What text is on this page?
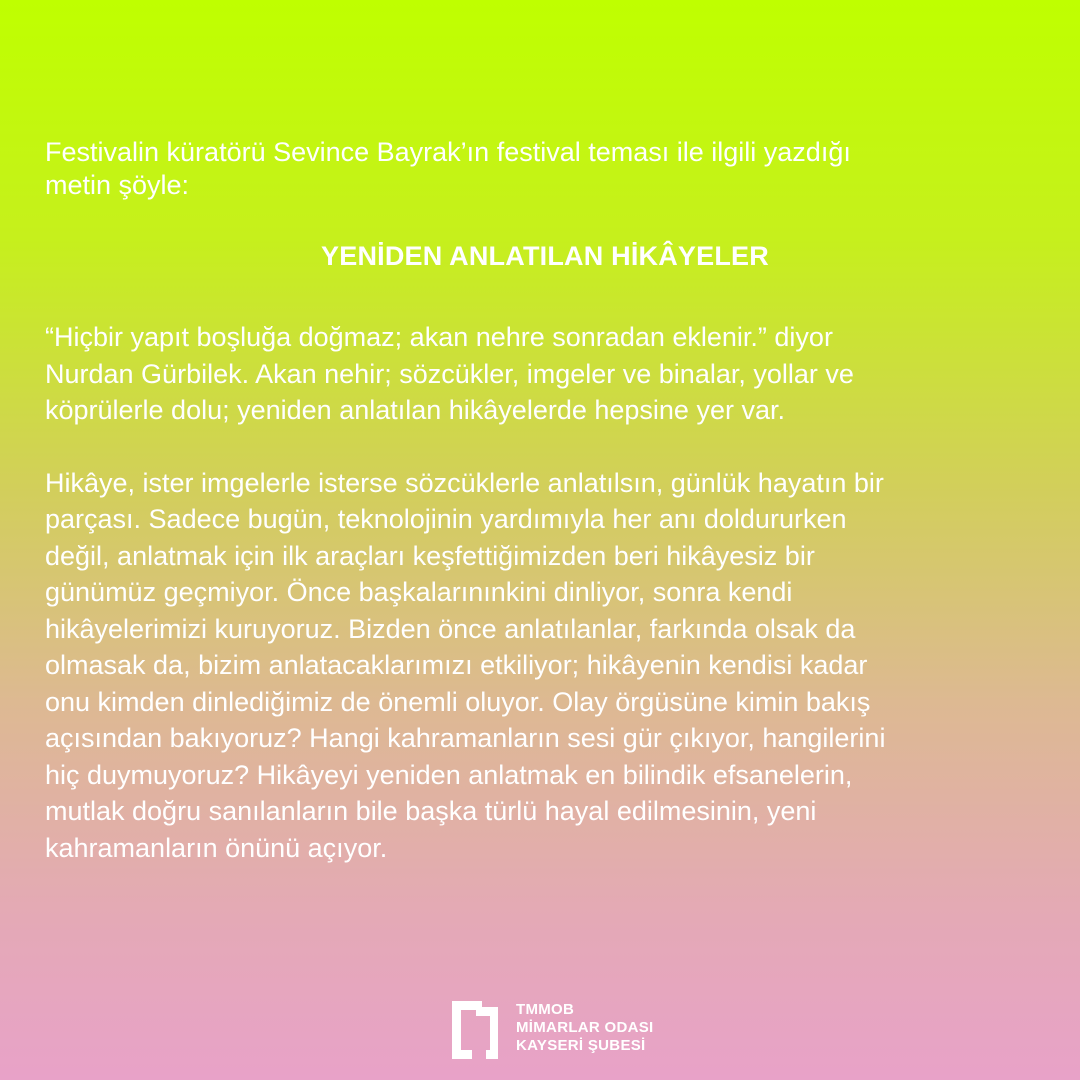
Festivalin küratörü Sevince Bayrak’ın festival teması ile ilgili yazdığı
metin şöyle:

YENİDEN ANLATILAN HİKÂYELER

“Hiçbir yapıt boşluğa doğmaz; akan nehre sonradan eklenir.” diyor
Nurdan Gürbilek. Akan nehir; sözcükler, imgeler ve binalar, yollar ve
köprülerle dolu; yeniden anlatılan hikâyelerde hepsine yer var.

Hikâye, ister imgelerle isterse sözcüklerle anlatılsın, günlük hayatın bir
parçası. Sadece bugün, teknolojinin yardımıyla her anı doldururken
değil, anlatmak için ilk araçları keşfettiğimizden beri hikâyesiz bir
günümüz geçmiyor. Önce başkalarınınkini dinliyor, sonra kendi
hikâyelerimizi kuruyoruz. Bizden önce anlatılanlar, farkında olsak da
olmasak da, bizim anlatacaklarımızı etkiliyor; hikâyenin kendisi kadar
onu kimden dinlediğimiz de önemli oluyor. Olay örgüsüne kimin bakış
açısından bakıyoruz? Hangi kahramanların sesi gür çıkıyor, hangilerini
hiç duymuyoruz? Hikâyeyi yeniden anlatmak en bilindik efsanelerin,
mutlak doğru sanılanların bile başka türlü hayal edilmesinin, yeni
kahramanların önünü açıyor.

TMMOB
MİMARLAR ODASI
KAYSERİ ŞUBESİ
